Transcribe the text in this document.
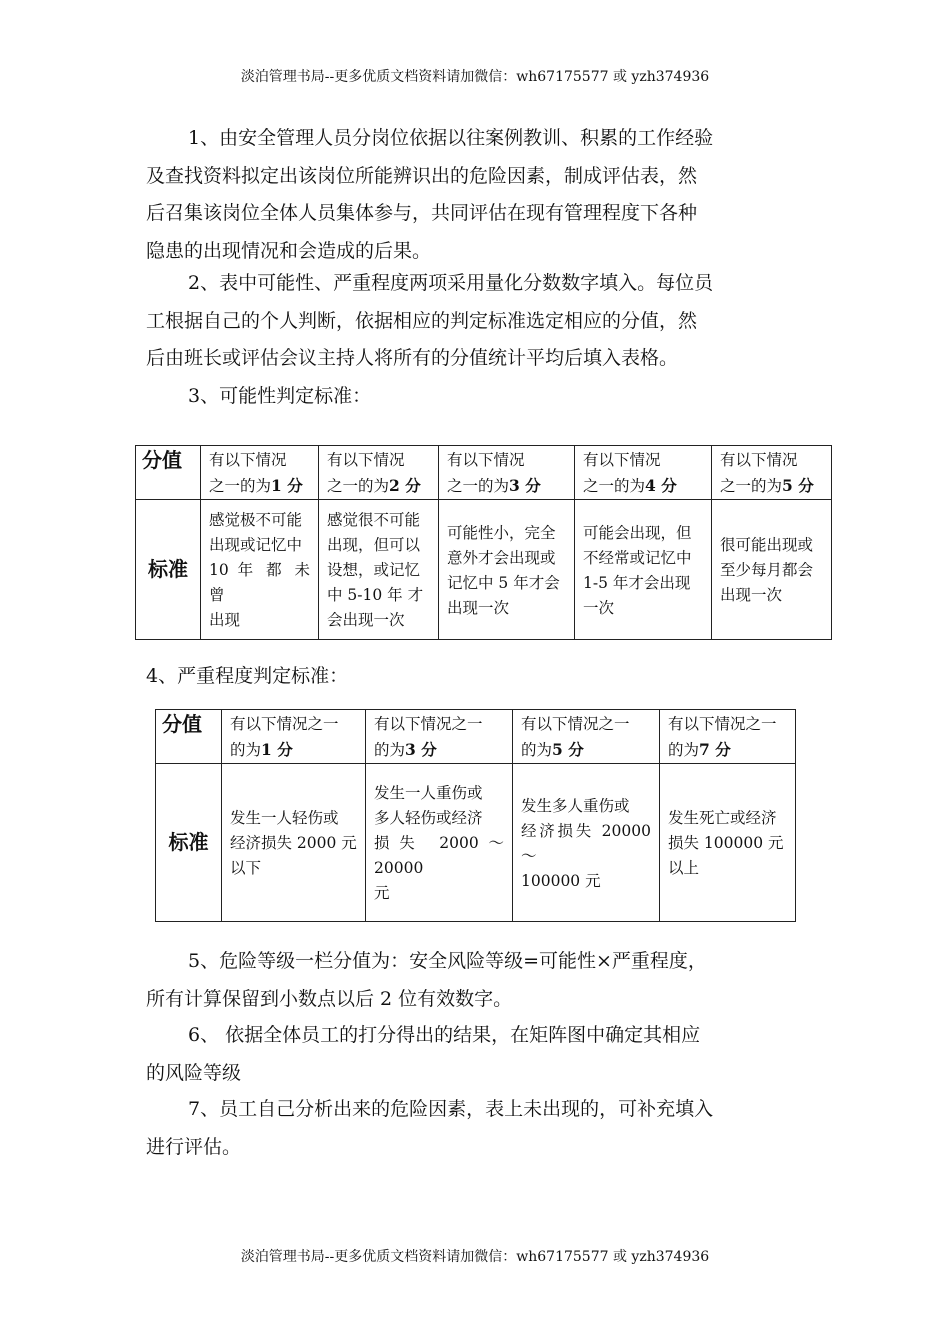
淡泊管理书局--更多优质文档资料请加微信：wh67175577 或 yzh374936

1、由安全管理人员分岗位依据以往案例教训、积累的工作经验
及查找资料拟定出该岗位所能辨识出的危险因素，制成评估表，然
后召集该岗位全体人员集体参与，共同评估在现有管理程度下各种
隐患的出现情况和会造成的后果。

2、表中可能性、严重程度两项采用量化分数数字填入。每位员
工根据自己的个人判断，依据相应的判定标准选定相应的分值，然
后由班长或评估会议主持人将所有的分值统计平均后填入表格。

3、可能性判定标准：

分值	有以下情况
之一的为1 分	有以下情况
之一的为2 分	有以下情况
之一的为3 分	有以下情况
之一的为4 分	有以下情况
之一的为5 分
标准	感觉极不可能
出现或记忆中
10 年 都 未 曾
出现	感觉很不可能
出现，但可以
设想，或记忆
中 5-10 年 才
会出现一次	可能性小，完全
意外才会出现或
记忆中 5 年才会
出现一次	可能会出现，但
不经常或记忆中
1-5 年才会出现
一次	很可能出现或
至少每月都会
出现一次

4、严重程度判定标准：

分值	有以下情况之一
的为1 分	有以下情况之一
的为3 分	有以下情况之一
的为5 分	有以下情况之一
的为7 分
标准	发生一人轻伤或
经济损失 2000 元
以下	发生一人重伤或
多人轻伤或经济
损失 2000～20000
元	发生多人重伤或
经济损失 20000～
100000 元	发生死亡或经济
损失 100000 元
以上

5、危险等级一栏分值为：安全风险等级=可能性×严重程度，
所有计算保留到小数点以后 2 位有效数字。

6、 依据全体员工的打分得出的结果，在矩阵图中确定其相应
的风险等级

7、员工自己分析出来的危险因素，表上未出现的，可补充填入
进行评估。

淡泊管理书局--更多优质文档资料请加微信：wh67175577 或 yzh374936
